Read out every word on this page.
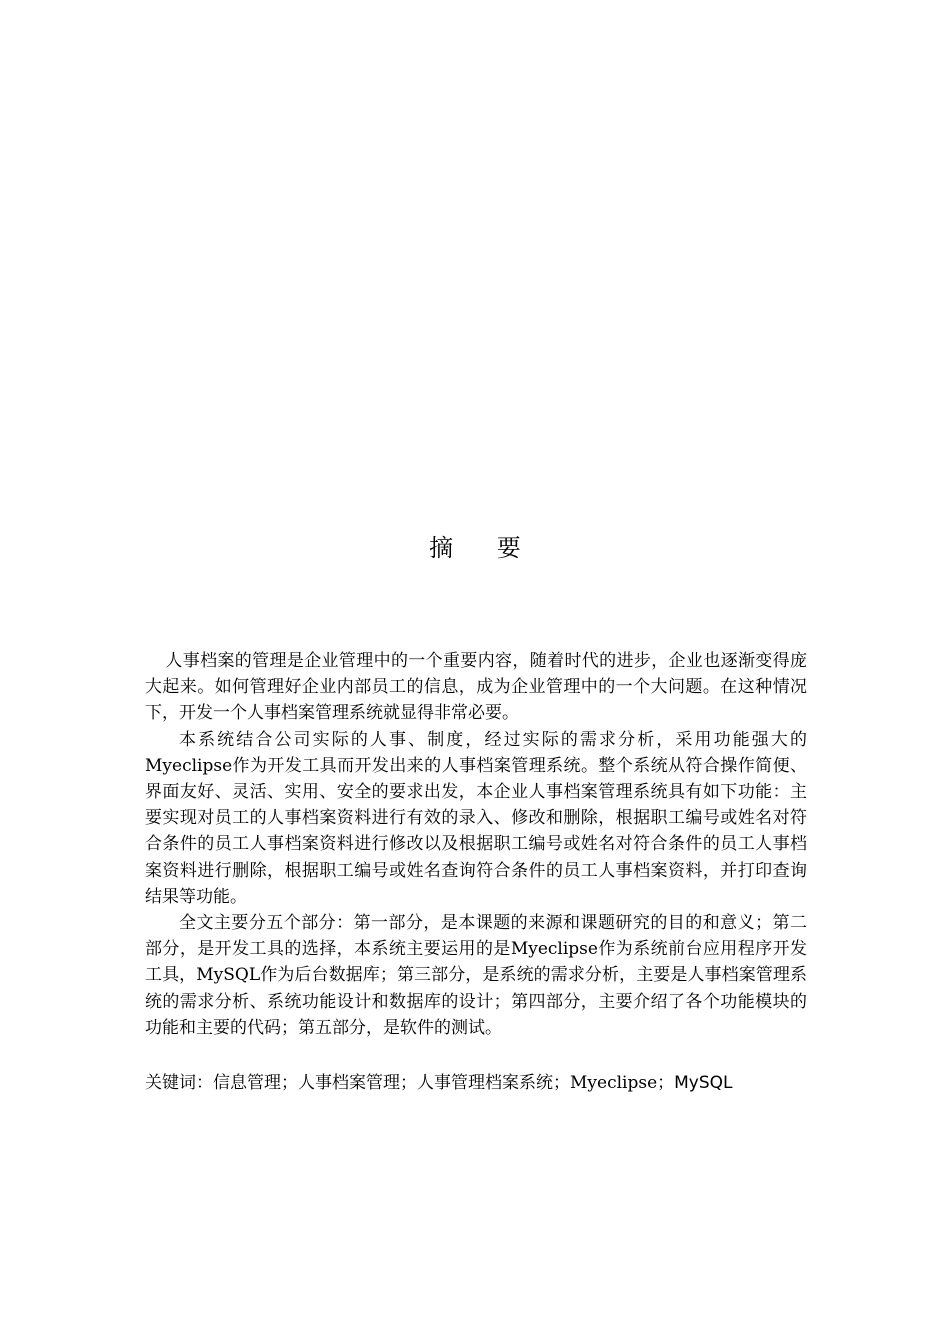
摘 要

人事档案的管理是企业管理中的一个重要内容，随着时代的进步，企业也逐渐变得庞大起来。如何管理好企业内部员工的信息，成为企业管理中的一个大问题。在这种情况下，开发一个人事档案管理系统就显得非常必要。

本系统结合公司实际的人事、制度，经过实际的需求分析，采用功能强大的Myeclipse作为开发工具而开发出来的人事档案管理系统。整个系统从符合操作简便、界面友好、灵活、实用、安全的要求出发，本企业人事档案管理系统具有如下功能：主要实现对员工的人事档案资料进行有效的录入、修改和删除，根据职工编号或姓名对符合条件的员工人事档案资料进行修改以及根据职工编号或姓名对符合条件的员工人事档案资料进行删除，根据职工编号或姓名查询符合条件的员工人事档案资料，并打印查询结果等功能。

全文主要分五个部分：第一部分，是本课题的来源和课题研究的目的和意义；第二部分，是开发工具的选择，本系统主要运用的是Myeclipse作为系统前台应用程序开发工具，MySQL作为后台数据库；第三部分，是系统的需求分析，主要是人事档案管理系统的需求分析、系统功能设计和数据库的设计；第四部分，主要介绍了各个功能模块的功能和主要的代码；第五部分，是软件的测试。

关键词：信息管理；人事档案管理；人事管理档案系统；Myeclipse；MySQL
